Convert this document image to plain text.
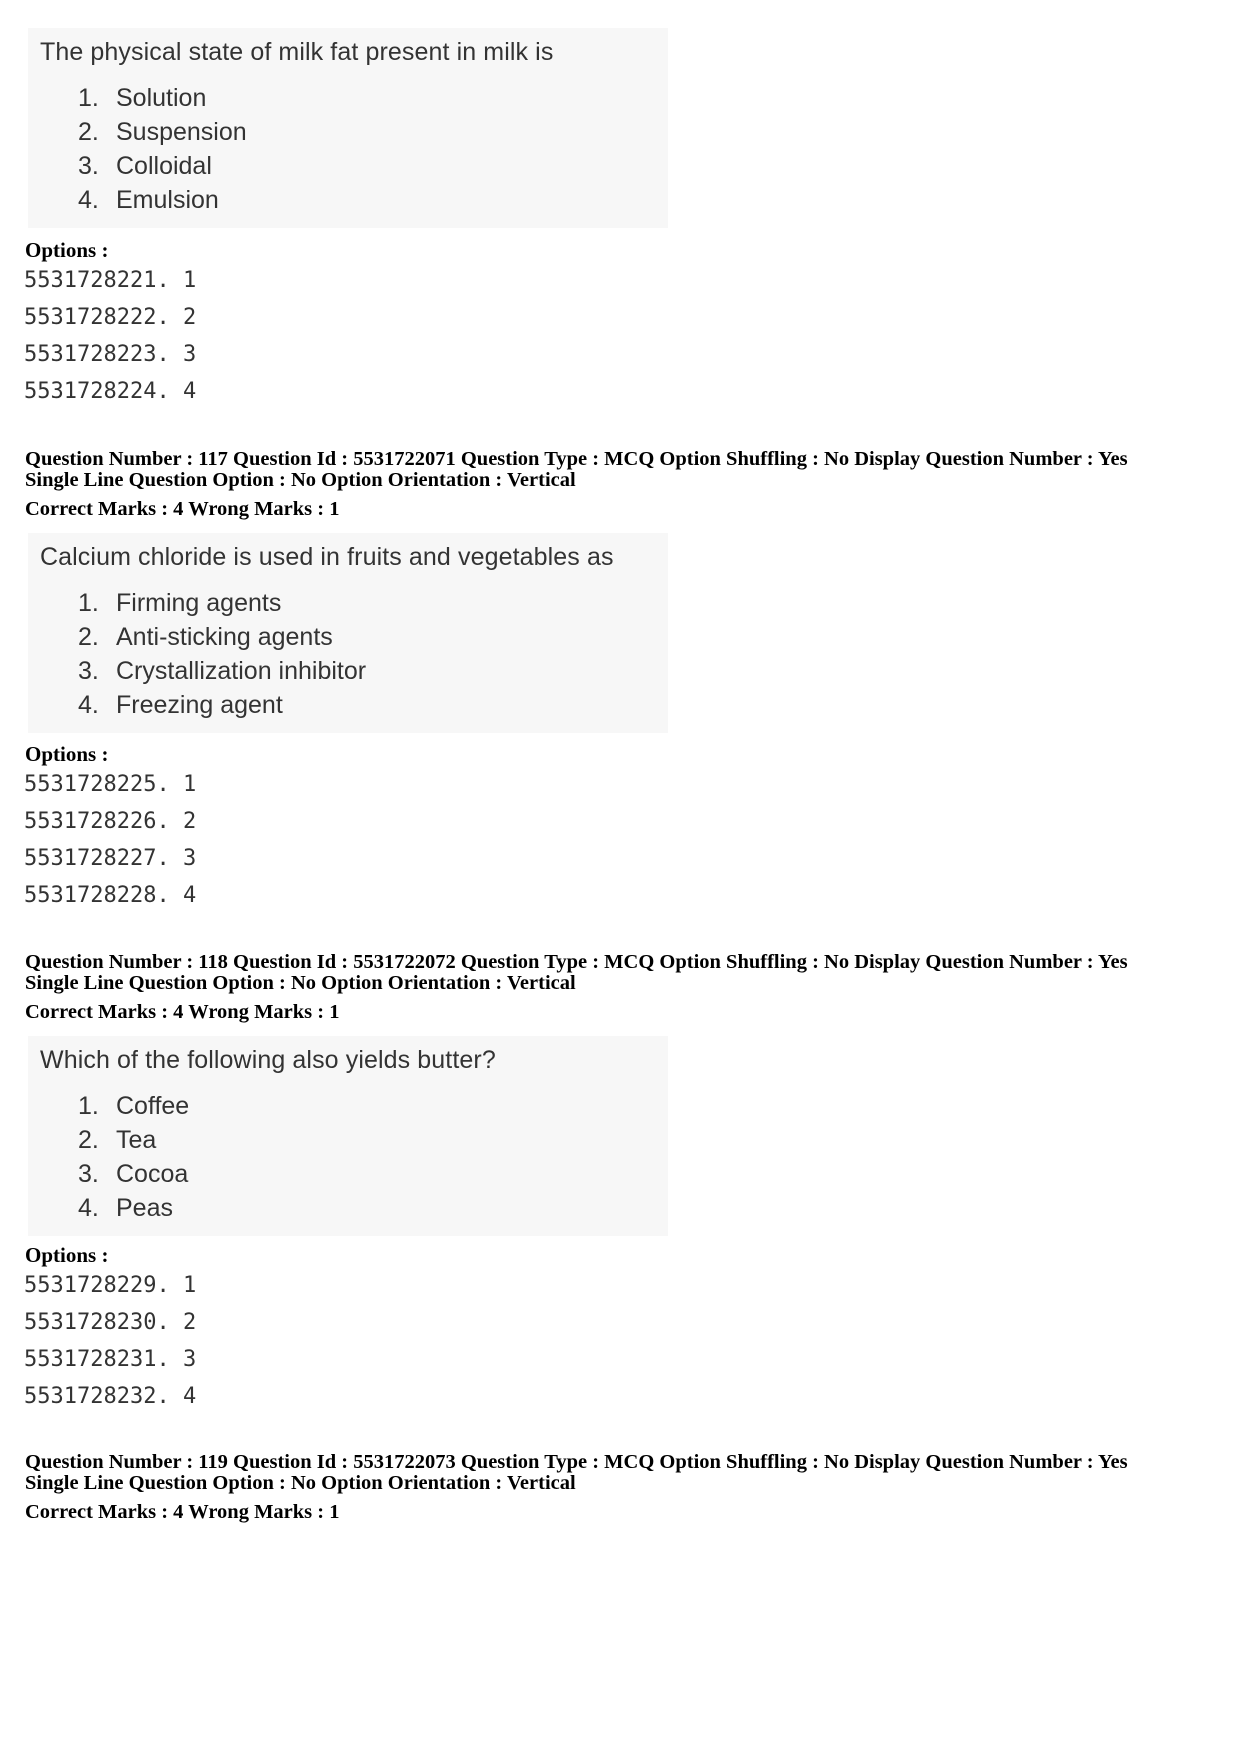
The physical state of milk fat present in milk is

1. Solution
2. Suspension
3. Colloidal
4. Emulsion
Options :
5531728221. 1
5531728222. 2
5531728223. 3
5531728224. 4
Question Number : 117 Question Id : 5531722071 Question Type : MCQ Option Shuffling : No Display Question Number : Yes
Single Line Question Option : No Option Orientation : Vertical
Correct Marks : 4 Wrong Marks : 1

Calcium chloride is used in fruits and vegetables as

1. Firming agents
2. Anti-sticking agents
3. Crystallization inhibitor
4. Freezing agent
Options :
5531728225. 1
5531728226. 2
5531728227. 3
5531728228. 4
Question Number : 118 Question Id : 5531722072 Question Type : MCQ Option Shuffling : No Display Question Number : Yes
Single Line Question Option : No Option Orientation : Vertical
Correct Marks : 4 Wrong Marks : 1

Which of the following also yields butter?

1. Coffee
2. Tea
3. Cocoa
4. Peas
Options :
5531728229. 1
5531728230. 2
5531728231. 3
5531728232. 4
Question Number : 119 Question Id : 5531722073 Question Type : MCQ Option Shuffling : No Display Question Number : Yes
Single Line Question Option : No Option Orientation : Vertical
Correct Marks : 4 Wrong Marks : 1
